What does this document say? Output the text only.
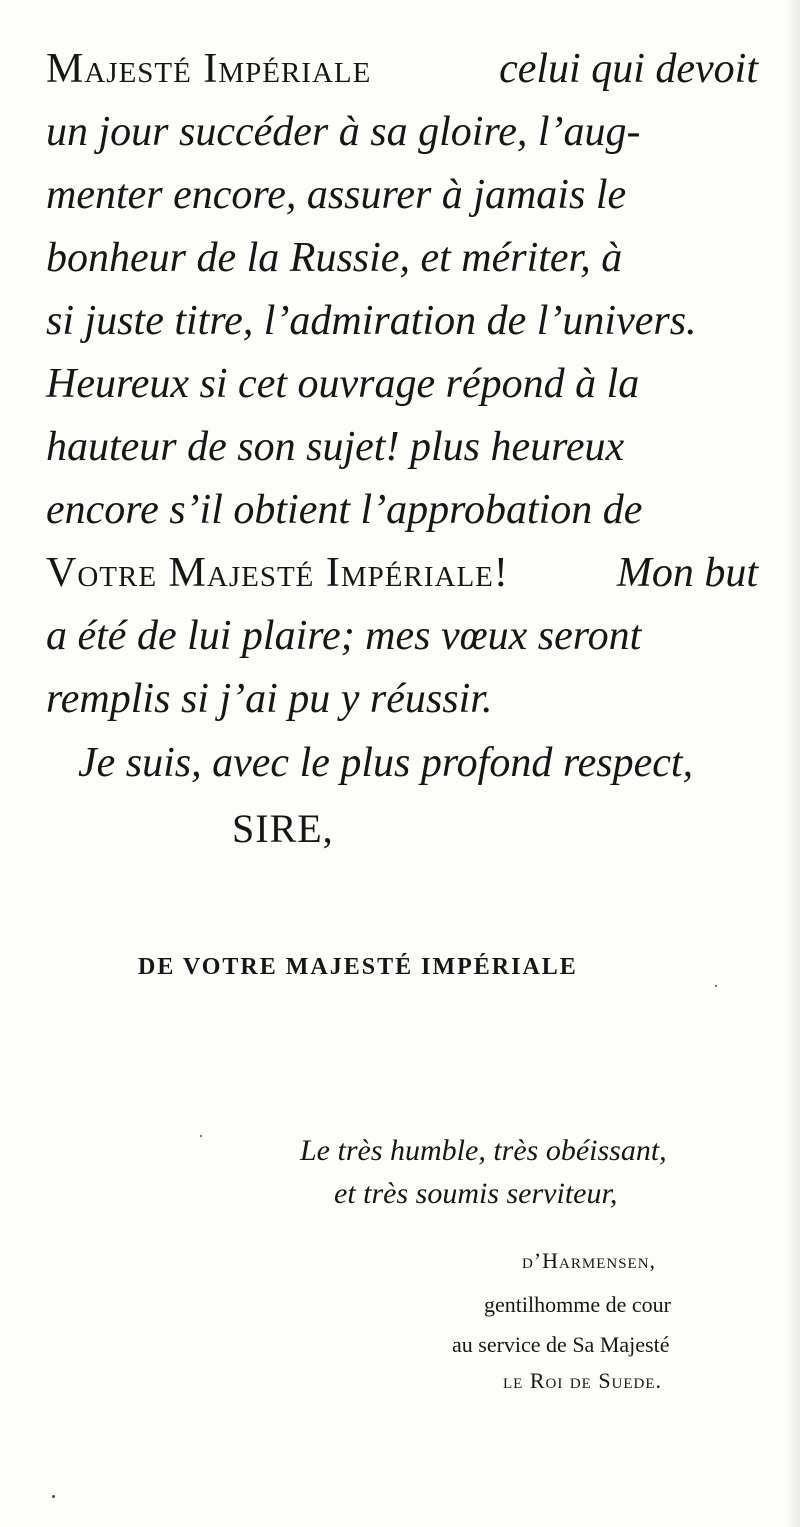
Majesté Impériale	celui qui devoit
un jour succéder à sa gloire, l’aug-
menter encore, assurer à jamais le
bonheur de la Russie, et mériter, à
si juste titre, l’admiration de l’univers.
Heureux si cet ouvrage répond à la
hauteur de son sujet! plus heureux
encore s’il obtient l’approbation de
Votre Majesté Impériale!	Mon but
a été de lui plaire; mes vœux seront
remplis si j’ai pu y réussir.
Je suis, avec le plus profond respect,
SIRE,
DE VOTRE MAJESTÉ IMPÉRIALE
Le très humble, très obéissant,
et très soumis serviteur,
d’Harmensen,
gentilhomme de cour
au service de Sa Majesté
le Roi de Suede.
